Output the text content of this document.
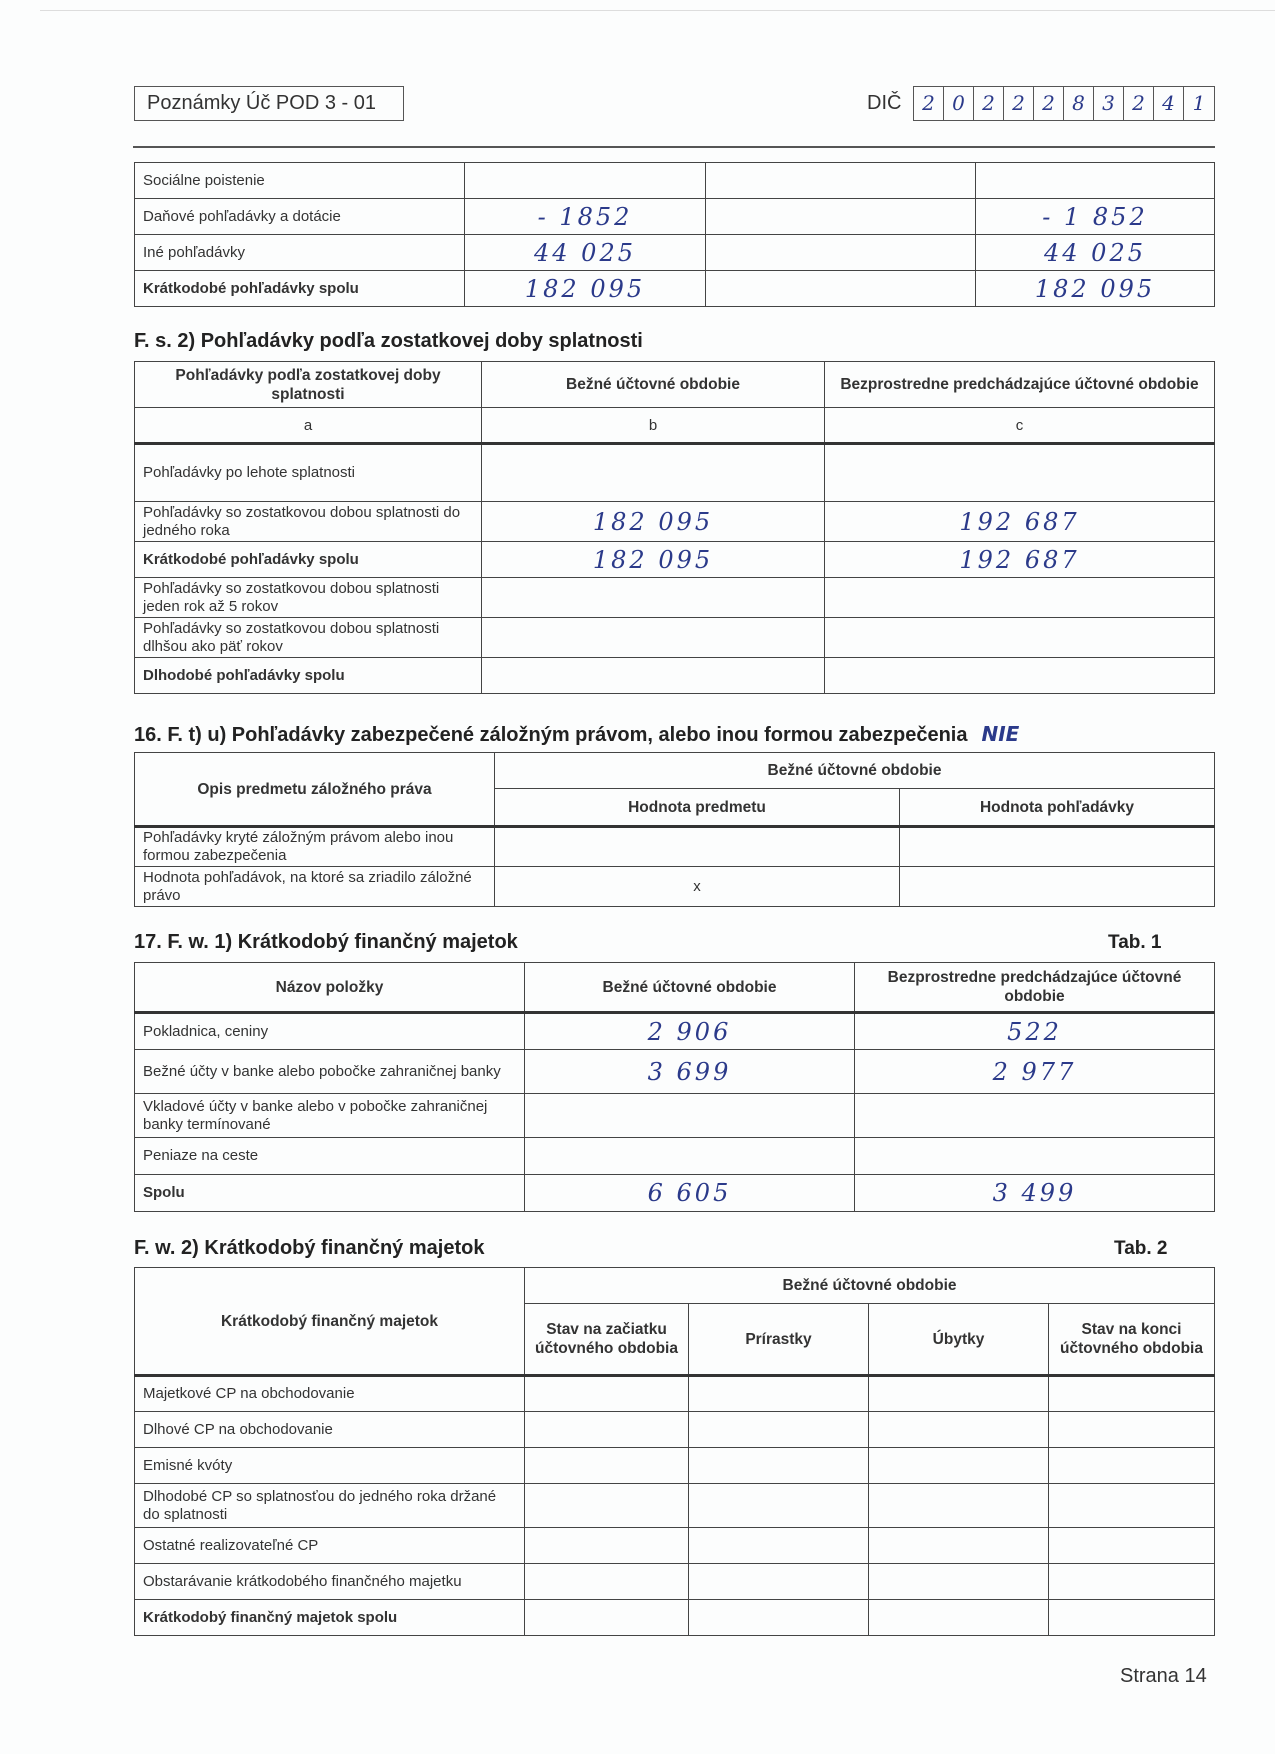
Poznámky Úč POD 3 - 01	DIČ	2 0 2 2 2 8 3 2 4 1
Sociálne poistenie			
Daňové pohľadávky a dotácie	- 1852		- 1 852
Iné pohľadávky	44 025		44 025
Krátkodobé pohľadávky spolu	182 095		182 095
F. s. 2) Pohľadávky podľa zostatkovej doby splatnosti
Pohľadávky podľa zostatkovej doby splatnosti	Bežné účtovné obdobie	Bezprostredne predchádzajúce účtovné obdobie
a	b	c
Pohľadávky po lehote splatnosti		
Pohľadávky so zostatkovou dobou splatnosti do jedného roka	182 095	192 687
Krátkodobé pohľadávky spolu	182 095	192 687
Pohľadávky so zostatkovou dobou splatnosti jeden rok až 5 rokov		
Pohľadávky so zostatkovou dobou splatnosti dlhšou ako päť rokov		
Dlhodobé pohľadávky spolu		
16. F. t) u) Pohľadávky zabezpečené záložným právom, alebo inou formou zabezpečenia NIE
Opis predmetu záložného práva	Bežné účtovné obdobie	
	Hodnota predmetu	Hodnota pohľadávky
Pohľadávky kryté záložným právom alebo inou formou zabezpečenia		
Hodnota pohľadávok, na ktoré sa zriadilo záložné právo	x	
17. F. w. 1) Krátkodobý finančný majetok	Tab. 1
Názov položky	Bežné účtovné obdobie	Bezprostredne predchádzajúce účtovné obdobie
Pokladnica, ceniny	2 906	522
Bežné účty v banke alebo pobočke zahraničnej banky	3 699	2 977
Vkladové účty v banke alebo v pobočke zahraničnej banky termínované		
Peniaze na ceste		
Spolu	6 605	3 499
F. w. 2) Krátkodobý finančný majetok	Tab. 2
Krátkodobý finančný majetok	Bežné účtovné obdobie			
	Stav na začiatku účtovného obdobia	Prírastky	Úbytky	Stav na konci účtovného obdobia
Majetkové CP na obchodovanie				
Dlhové CP na obchodovanie				
Emisné kvóty				
Dlhodobé CP so splatnosťou do jedného roka držané do splatnosti				
Ostatné realizovateľné CP				
Obstarávanie krátkodobého finančného majetku				
Krátkodobý finančný majetok spolu				
Strana 14
